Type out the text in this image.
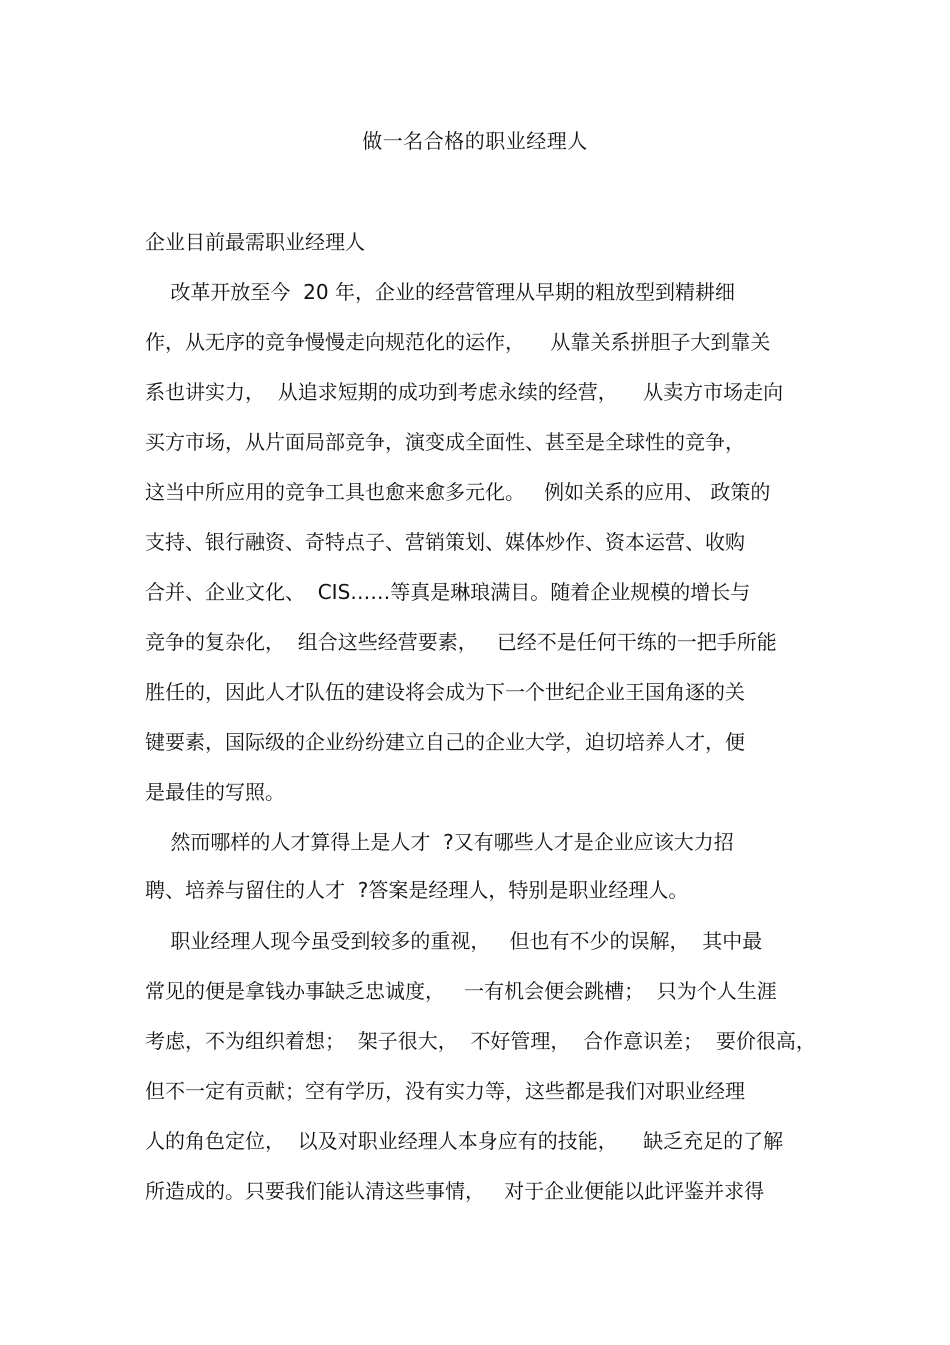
做一名合格的职业经理人
企业目前最需职业经理人
改革开放至今  20 年，企业的经营管理从早期的粗放型到精耕细
作，从无序的竞争慢慢走向规范化的运作，    从靠关系拼胆子大到靠关
系也讲实力，  从追求短期的成功到考虑永续的经营，    从卖方市场走向
买方市场，从片面局部竞争，演变成全面性、甚至是全球性的竞争，
这当中所应用的竞争工具也愈来愈多元化。   例如关系的应用、 政策的
支持、银行融资、奇特点子、营销策划、媒体炒作、资本运营、收购
合并、企业文化、  CIS……等真是琳琅满目。随着企业规模的增长与
竞争的复杂化，  组合这些经营要素，   已经不是任何干练的一把手所能
胜任的，因此人才队伍的建设将会成为下一个世纪企业王国角逐的关
键要素，国际级的企业纷纷建立自己的企业大学，迫切培养人才，便
是最佳的写照。
然而哪样的人才算得上是人才  ?又有哪些人才是企业应该大力招
聘、培养与留住的人才  ?答案是经理人，特别是职业经理人。
职业经理人现今虽受到较多的重视，   但也有不少的误解，  其中最
常见的便是拿钱办事缺乏忠诚度，   一有机会便会跳槽；  只为个人生涯
考虑，不为组织着想；  架子很大，  不好管理，  合作意识差；  要价很高，
但不一定有贡献；空有学历，没有实力等，这些都是我们对职业经理
人的角色定位，  以及对职业经理人本身应有的技能，    缺乏充足的了解
所造成的。只要我们能认清这些事情，   对于企业便能以此评鉴并求得
